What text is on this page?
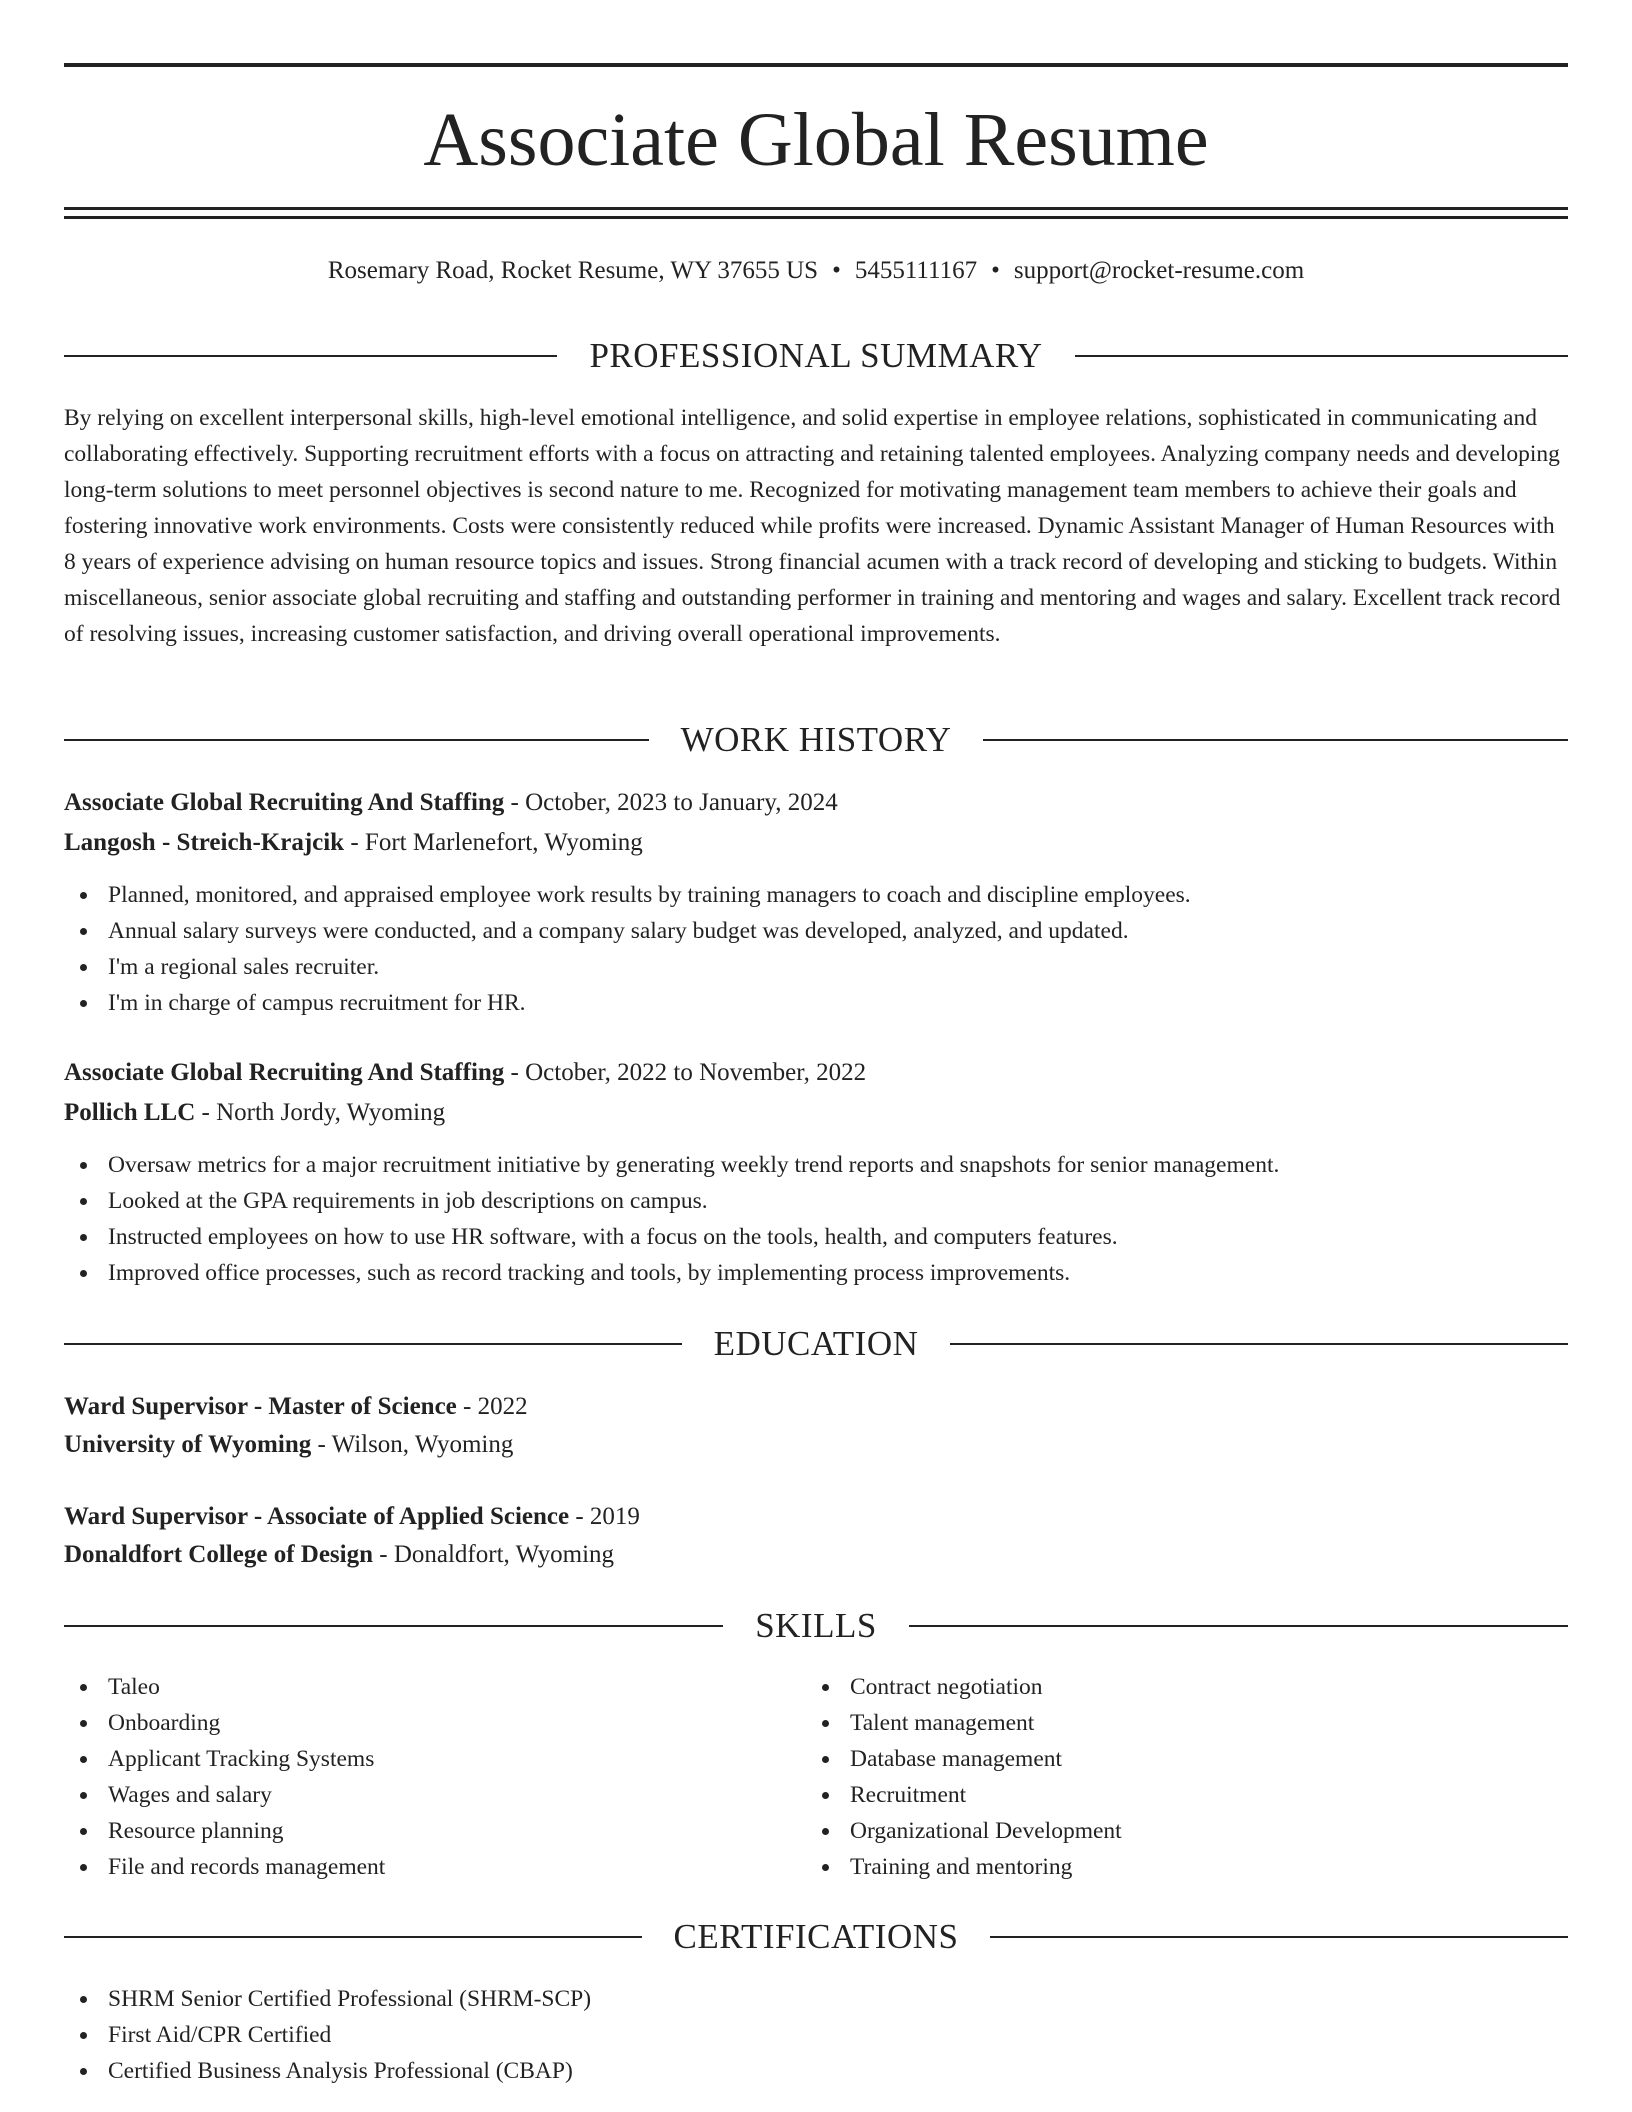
Associate Global Resume
Rosemary Road, Rocket Resume, WY 37655 US • 5455111167 • support@rocket-resume.com
PROFESSIONAL SUMMARY

By relying on excellent interpersonal skills, high-level emotional intelligence, and solid expertise in employee relations, sophisticated in communicating and collaborating effectively. Supporting recruitment efforts with a focus on attracting and retaining talented employees. Analyzing company needs and developing long-term solutions to meet personnel objectives is second nature to me. Recognized for motivating management team members to achieve their goals and fostering innovative work environments. Costs were consistently reduced while profits were increased. Dynamic Assistant Manager of Human Resources with 8 years of experience advising on human resource topics and issues. Strong financial acumen with a track record of developing and sticking to budgets. Within miscellaneous, senior associate global recruiting and staffing and outstanding performer in training and mentoring and wages and salary. Excellent track record of resolving issues, increasing customer satisfaction, and driving overall operational improvements.

WORK HISTORY
Associate Global Recruiting And Staffing - October, 2023 to January, 2024
Langosh - Streich-Krajcik - Fort Marlenefort, Wyoming
Planned, monitored, and appraised employee work results by training managers to coach and discipline employees.
Annual salary surveys were conducted, and a company salary budget was developed, analyzed, and updated.
I'm a regional sales recruiter.
I'm in charge of campus recruitment for HR.
Associate Global Recruiting And Staffing - October, 2022 to November, 2022
Pollich LLC - North Jordy, Wyoming
Oversaw metrics for a major recruitment initiative by generating weekly trend reports and snapshots for senior management.
Looked at the GPA requirements in job descriptions on campus.
Instructed employees on how to use HR software, with a focus on the tools, health, and computers features.
Improved office processes, such as record tracking and tools, by implementing process improvements.
EDUCATION
Ward Supervisor - Master of Science - 2022
University of Wyoming - Wilson, Wyoming
Ward Supervisor - Associate of Applied Science - 2019
Donaldfort College of Design - Donaldfort, Wyoming
SKILLS
Taleo
Onboarding
Applicant Tracking Systems
Wages and salary
Resource planning
File and records management
Contract negotiation
Talent management
Database management
Recruitment
Organizational Development
Training and mentoring
CERTIFICATIONS
SHRM Senior Certified Professional (SHRM-SCP)
First Aid/CPR Certified
Certified Business Analysis Professional (CBAP)
